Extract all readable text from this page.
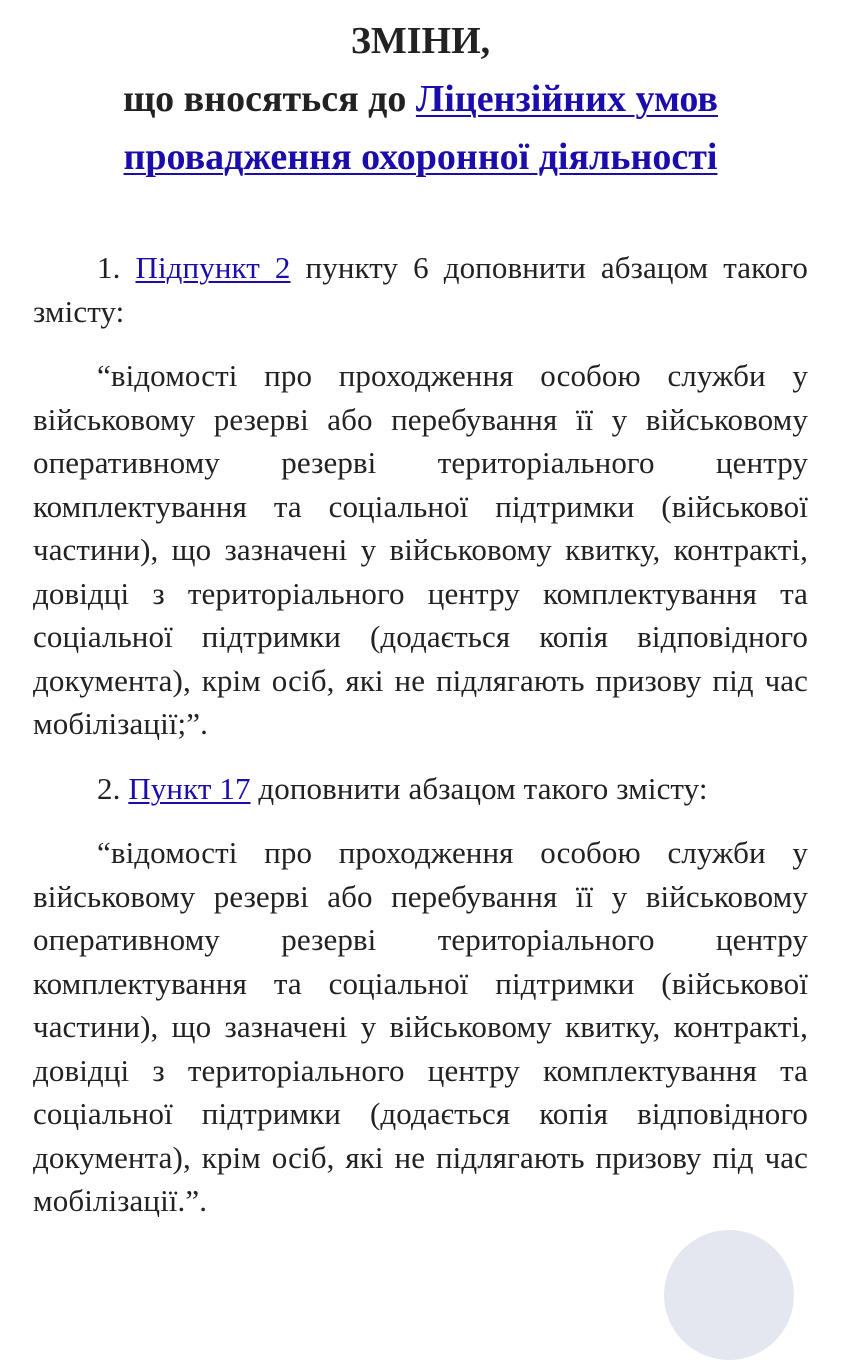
ЗМІНИ,
що вносяться до Ліцензійних умов провадження охоронної діяльності

1. Підпункт 2 пункту 6 доповнити абзацом такого змісту:

“відомості про проходження особою служби у військовому резерві або перебування її у військовому оперативному резерві територіального центру комплектування та соціальної підтримки (військової частини), що зазначені у військовому квитку, контракті, довідці з територіального центру комплектування та соціальної підтримки (додається копія відповідного документа), крім осіб, які не підлягають призову під час мобілізації;”.

2. Пункт 17 доповнити абзацом такого змісту:

“відомості про проходження особою служби у військовому резерві або перебування її у військовому оперативному резерві територіального центру комплектування та соціальної підтримки (військової частини), що зазначені у військовому квитку, контракті, довідці з територіального центру комплектування та соціальної підтримки (додається копія відповідного документа), крім осіб, які не підлягають призову під час мобілізації.”.
